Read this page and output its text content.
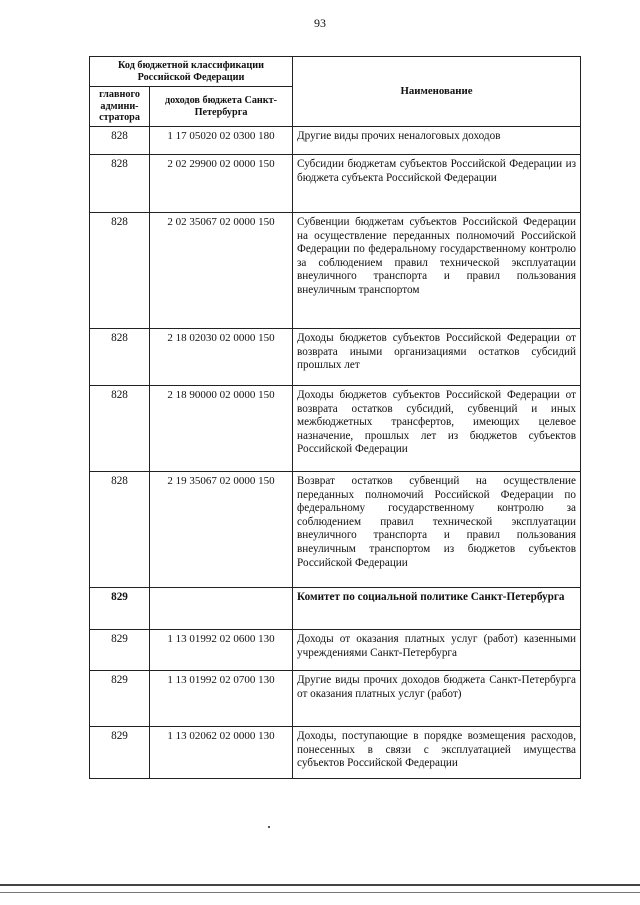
93
Код бюджетной классификации Российской Федерации		Наименование
главного админи-стратора	доходов бюджета Санкт-Петербурга	
828	1 17 05020 02 0300 180	Другие виды прочих неналоговых доходов
828	2 02 29900 02 0000 150	Субсидии бюджетам субъектов Российской Федерации из бюджета субъекта Российской Федерации
828	2 02 35067 02 0000 150	Субвенции бюджетам субъектов Российской Федерации на осуществление переданных полномочий Российской Федерации по федеральному государственному контролю за соблюдением правил технической эксплуатации внеуличного транспорта и правил пользования внеуличным транспортом
828	2 18 02030 02 0000 150	Доходы бюджетов субъектов Российской Федерации от возврата иными организациями остатков субсидий прошлых лет
828	2 18 90000 02 0000 150	Доходы бюджетов субъектов Российской Федерации от возврата остатков субсидий, субвенций и иных межбюджетных трансфертов, имеющих целевое назначение, прошлых лет из бюджетов субъектов Российской Федерации
828	2 19 35067 02 0000 150	Возврат остатков субвенций на осуществление переданных полномочий Российской Федерации по федеральному государственному контролю за соблюдением правил технической эксплуатации внеуличного транспорта и правил пользования внеуличным транспортом из бюджетов субъектов Российской Федерации
829		Комитет по социальной политике Санкт-Петербурга
829	1 13 01992 02 0600 130	Доходы от оказания платных услуг (работ) казенными учреждениями Санкт-Петербурга
829	1 13 01992 02 0700 130	Другие виды прочих доходов бюджета Санкт-Петербурга от оказания платных услуг (работ)
829	1 13 02062 02 0000 130	Доходы, поступающие в порядке возмещения расходов, понесенных в связи с эксплуатацией имущества субъектов Российской Федерации
